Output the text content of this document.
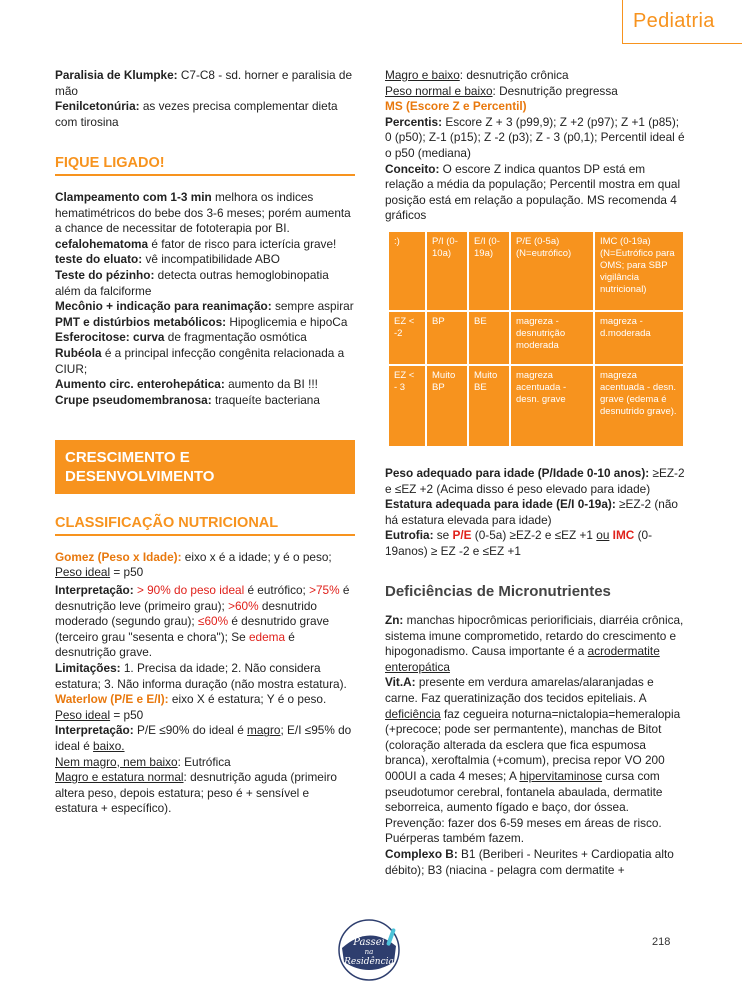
Pediatria

Paralisia de Klumpke: C7-C8 - sd. horner e paralisia de mão

Fenilcetonúria: as vezes precisa complementar dieta com tirosina

FIQUE LIGADO!

Clampeamento com 1-3 min melhora os indices hematimétricos do bebe dos 3-6 meses; porém aumenta a chance de necessitar de fototerapia por BI.

cefalohematoma é fator de risco para icterícia grave!

teste do eluato: vê incompatibilidade ABO

Teste do pézinho: detecta outras hemoglobinopatia além da falciforme

Mecônio + indicação para reanimação: sempre aspirar

PMT e distúrbios metabólicos: Hipoglicemia e hipoCa

Esferocitose: curva de fragmentação osmótica

Rubéola é a principal infecção congênita relacionada a CIUR;

Aumento circ. enterohepática: aumento da BI !!!

Crupe pseudomembranosa: traqueíte bacteriana

CRESCIMENTO E
DESENVOLVIMENTO

CLASSIFICAÇÃO NUTRICIONAL

Gomez (Peso x Idade): eixo x é a idade; y é o peso; Peso ideal = p50

Interpretação: > 90% do peso ideal é eutrófico; >75% é desnutrição leve (primeiro grau); >60% desnutrido moderado (segundo grau); ≤60% é desnutrido grave (terceiro grau "sesenta e chora"); Se edema é desnutrição grave.

Limitações: 1. Precisa da idade; 2. Não considera estatura; 3. Não informa duração (não mostra estatura).

Waterlow (P/E e E/I): eixo X é estatura; Y é o peso.

Peso ideal = p50

Interpretação: P/E ≤90% do ideal é magro; E/I ≤95% do ideal é baixo.

Nem magro, nem baixo: Eutrófica

Magro e estatura normal: desnutrição aguda (primeiro altera peso, depois estatura; peso é + sensível e estatura + específico).

Magro e baixo: desnutrição crônica

Peso normal e baixo: Desnutrição pregressa

MS (Escore Z e Percentil)

Percentis: Escore Z + 3 (p99,9); Z +2 (p97); Z +1 (p85); 0 (p50); Z-1 (p15); Z -2 (p3); Z - 3 (p0,1); Percentil ideal é o p50 (mediana)

Conceito: O escore Z indica quantos DP está em relação a média da população; Percentil mostra em qual posição está em relação a população. MS recomenda 4 gráficos

:)	P/I (0-10a)	E/I (0-19a)	P/E (0-5a) (N=eutrófico)	IMC (0-19a) (N=Eutrófico para OMS; para SBP vigilância nutricional)
EZ < -2	BP	BE	magreza - desnutrição moderada	magreza - d.moderada
EZ < - 3	Muito BP	Muito BE	magreza acentuada - desn. grave	magreza acentuada - desn. grave (edema é desnutrido grave).

Peso adequado para idade (P/Idade 0-10 anos): ≥EZ-2 e ≤EZ +2 (Acima disso é peso elevado para idade)

Estatura adequada para idade (E/I 0-19a): ≥EZ-2 (não há estatura elevada para idade)

Eutrofia: se P/E (0-5a) ≥EZ-2 e ≤EZ +1 ou IMC (0-19anos) ≥ EZ -2 e ≤EZ +1

Deficiências de Micronutrientes

Zn: manchas hipocrômicas periorificiais, diarréia crônica, sistema imune comprometido, retardo do crescimento e hipogonadismo. Causa importante é a acrodermatite enteropática

Vit.A: presente em verdura amarelas/alaranjadas e carne. Faz queratinização dos tecidos epiteliais. A deficiência faz cegueira noturna=nictalopia=hemeralopia (+precoce; pode ser permantente), manchas de Bitot (coloração alterada da esclera que fica espumosa branca), xeroftalmia (+comum), precisa repor VO 200 000UI a cada 4 meses; A hipervitaminose cursa com pseudotumor cerebral, fontanela abaulada, dermatite seborreica, aumento fígado e baço, dor óssea. Prevenção: fazer dos 6-59 meses em áreas de risco. Puérperas também fazem.

Complexo B: B1 (Beriberi - Neurites + Cardiopatia alto débito); B3 (niacina - pelagra com dermatite +

Passei
na
Residência
218
